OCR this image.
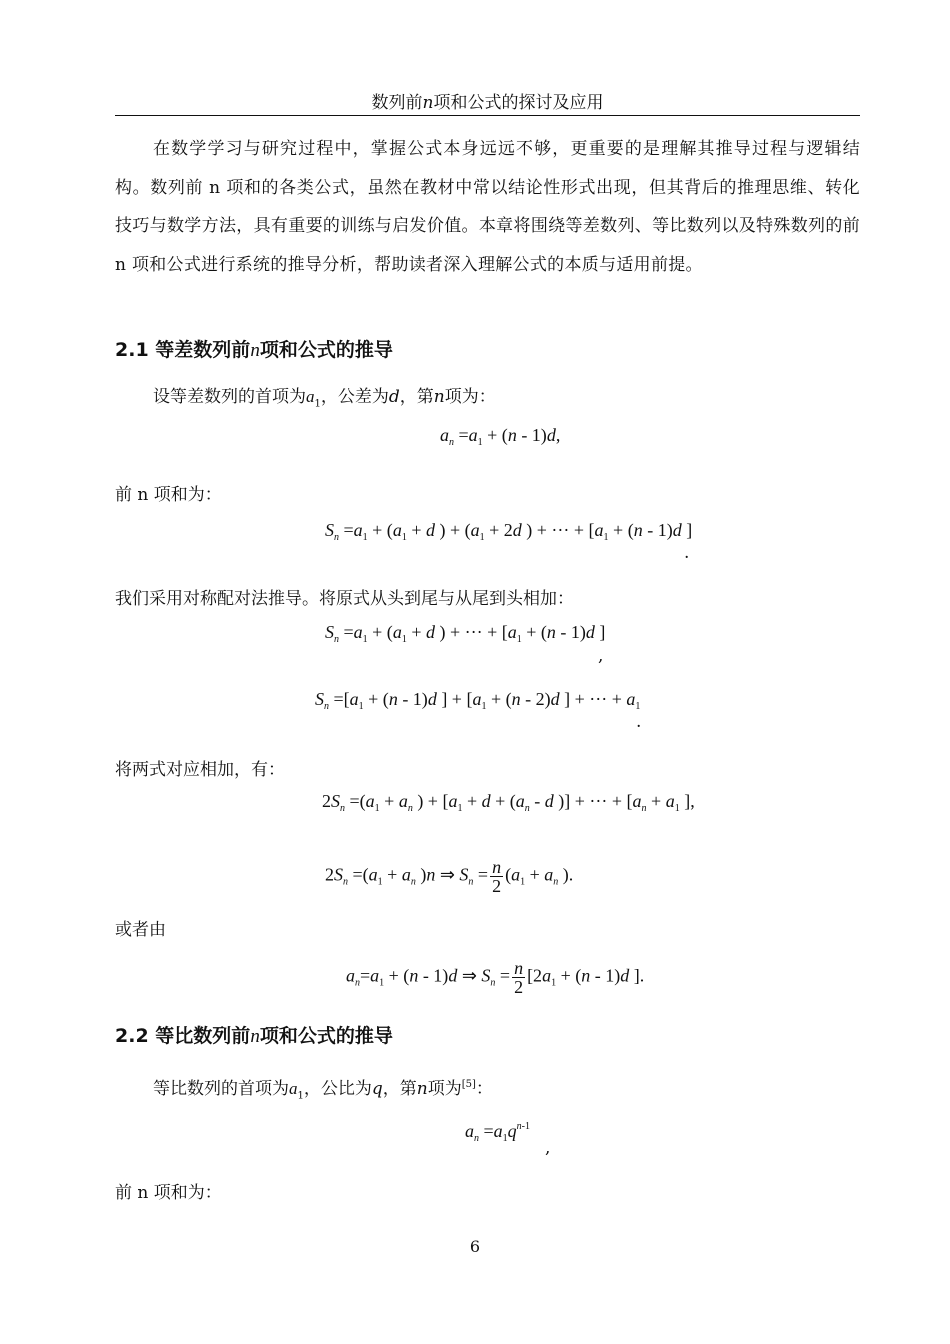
数列前n项和公式的探讨及应用
在数学学习与研究过程中，掌握公式本身远远不够，更重要的是理解其推导过程与逻辑结构。数列前 n 项和的各类公式，虽然在教材中常以结论性形式出现，但其背后的推理思维、转化技巧与数学方法，具有重要的训练与启发价值。本章将围绕等差数列、等比数列以及特殊数列的前 n 项和公式进行系统的推导分析，帮助读者深入理解公式的本质与适用前提。
2.1 等差数列前n项和公式的推导
设等差数列的首项为$a_1$，公差为d，第n项为：
$a_n =a_1 + (n - 1)d$,
前 n 项和为：
$S_n =a_1 + (a_1 + d$ ) + ($a_1 + 2d$ ) + ··· + [$a_1 + (n - 1)d$ ]
.
我们采用对称配对法推导。将原式从头到尾与从尾到头相加：
$S_n =a_1 + (a_1 + d$ ) + ··· + [$a_1 + (n - 1)d$ ]
,
$S_n =[a_1 + (n - 1)d$ ] + [$a_1 + (n - 2)d$ ] + ··· + $a_1$
.
将两式对应相加，有：
$2S_n =(a_1 + a_n$ ) + [$a_1 + d + (a_n - d$ )] + ··· + [$a_n + a_1$ ],
$2S_n =(a_1 + a_n$ )n ⇒ $S_n = \frac{n}{2} (a_1 + a_n$ ).
或者由
$a_n=a_1 + (n - 1)d$ ⇒ $S_n = \frac{n}{2} [2a_1 + (n - 1)d$ ].
2.2 等比数列前n项和公式的推导
等比数列的首项为$a_1$，公比为q，第n项为[5]：
$a_n =a_1q^{n-1}$
,
前 n 项和为：
6
